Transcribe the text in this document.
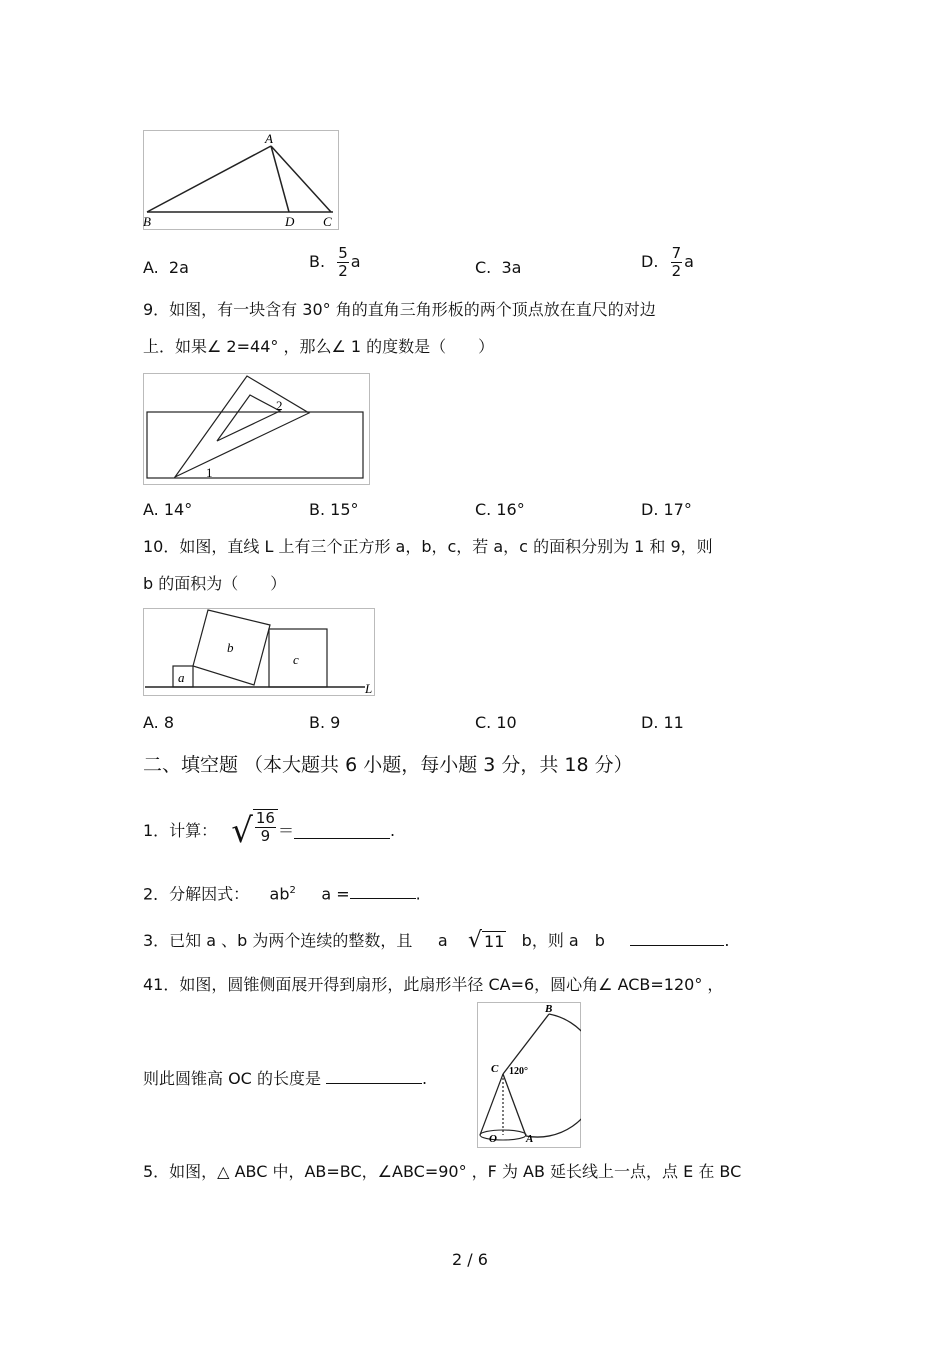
A
B	D C
A. 2a	B. $\frac{5}{2}$ a	C. 3a	D. $\frac{7}{2}$ a
9．如图，有一块含有 30° 角的直角三角形板的两个顶点放在直尺的对边
上．如果∠ 2=44° ，那么∠ 1 的度数是（　　）
2
1
A. 14°	B. 15°	C. 16°	D. 17°
10．如图，直线 L 上有三个正方形 a，b，c，若 a，c 的面积分别为 1 和 9，则
b 的面积为（　　）
a
b
c
L
A. 8	B. 9	C. 10	D. 11
二、填空题 （本大题共 6 小题，每小题 3 分，共 18 分）
1．计算： √ $\frac{16}{9}$ ＝	.
2．分解因式： $ab^2$ a =	.
3．已知 a 、b 为两个连续的整数，且 a √ 11 b，则 a　b	.
41．如图，圆锥侧面展开得到扇形，此扇形半径 CA=6，圆心角∠ ACB=120° ，
B
C 120°
O	A
则此圆锥高 OC 的长度是	.
5．如图，△ ABC 中，AB=BC，∠ABC=90° ，F 为 AB 延长线上一点，点 E 在 BC
2 / 6
